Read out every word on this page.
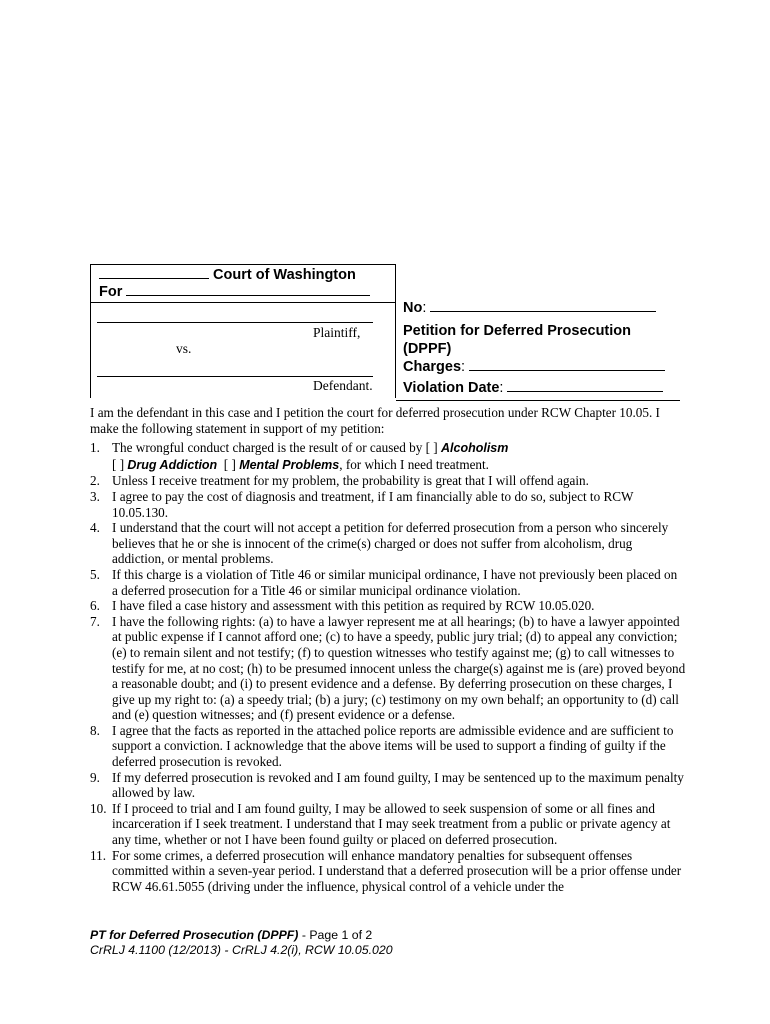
Court of Washington
For
Plaintiff,
vs.
Defendant.
No:
Petition for Deferred Prosecution
(DPPF)
Charges:
Violation Date:

I am the defendant in this case and I petition the court for deferred prosecution under RCW Chapter 10.05. I make the following statement in support of my petition:

1. The wrongful conduct charged is the result of or caused by [ ] Alcoholism
[ ] Drug Addiction [ ] Mental Problems, for which I need treatment.
2. Unless I receive treatment for my problem, the probability is great that I will offend again.
3. I agree to pay the cost of diagnosis and treatment, if I am financially able to do so, subject to RCW 10.05.130.
4. I understand that the court will not accept a petition for deferred prosecution from a person who sincerely believes that he or she is innocent of the crime(s) charged or does not suffer from alcoholism, drug addiction, or mental problems.
5. If this charge is a violation of Title 46 or similar municipal ordinance, I have not previously been placed on a deferred prosecution for a Title 46 or similar municipal ordinance violation.
6. I have filed a case history and assessment with this petition as required by RCW 10.05.020.
7. I have the following rights: (a) to have a lawyer represent me at all hearings; (b) to have a lawyer appointed at public expense if I cannot afford one; (c) to have a speedy, public jury trial; (d) to appeal any conviction; (e) to remain silent and not testify; (f) to question witnesses who testify against me; (g) to call witnesses to testify for me, at no cost; (h) to be presumed innocent unless the charge(s) against me is (are) proved beyond a reasonable doubt; and (i) to present evidence and a defense. By deferring prosecution on these charges, I give up my right to: (a) a speedy trial; (b) a jury; (c) testimony on my own behalf; an opportunity to (d) call and (e) question witnesses; and (f) present evidence or a defense.
8. I agree that the facts as reported in the attached police reports are admissible evidence and are sufficient to support a conviction. I acknowledge that the above items will be used to support a finding of guilty if the deferred prosecution is revoked.
9. If my deferred prosecution is revoked and I am found guilty, I may be sentenced up to the maximum penalty allowed by law.
10. If I proceed to trial and I am found guilty, I may be allowed to seek suspension of some or all fines and incarceration if I seek treatment. I understand that I may seek treatment from a public or private agency at any time, whether or not I have been found guilty or placed on deferred prosecution.
11. For some crimes, a deferred prosecution will enhance mandatory penalties for subsequent offenses committed within a seven-year period. I understand that a deferred prosecution will be a prior offense under RCW 46.61.5055 (driving under the influence, physical control of a vehicle under the
PT for Deferred Prosecution (DPPF) - Page 1 of 2
CrRLJ 4.1100 (12/2013) - CrRLJ 4.2(i), RCW 10.05.020
